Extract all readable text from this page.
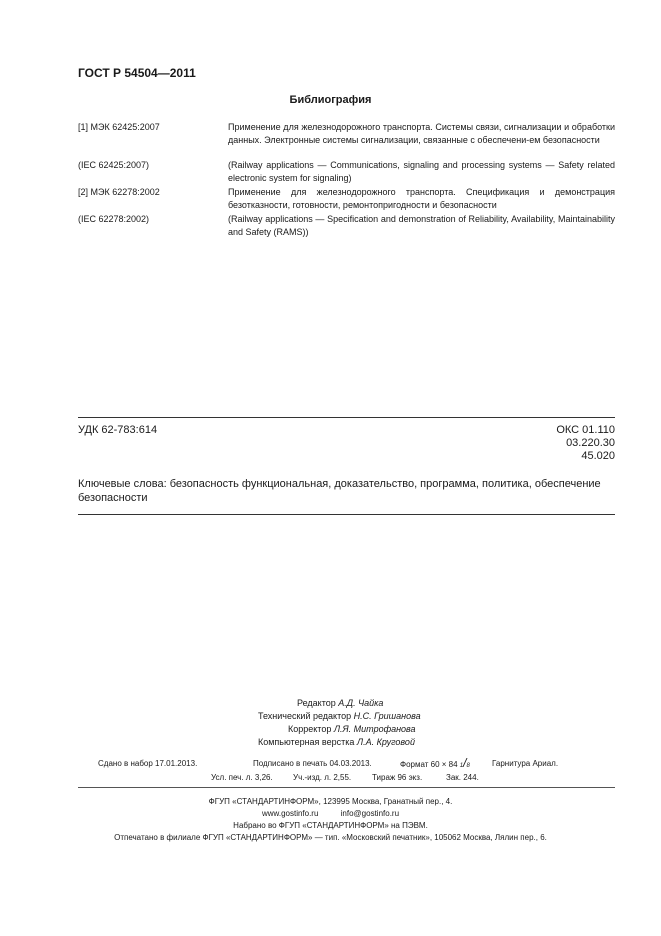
ГОСТ Р 54504—2011
Библиография
[1] МЭК 62425:2007	Применение для железнодорожного транспорта. Системы связи, сигнализации и обработки данных. Электронные системы сигнализации, связанные с обеспечени-ем безопасности
(IEC 62425:2007)	(Railway applications — Communications, signaling and processing systems — Safety related electronic system for signaling)
[2] МЭК 62278:2002	Применение для железнодорожного транспорта. Спецификация и демонстрация безотказности, готовности, ремонтопригодности и безопасности
(IEC 62278:2002)	(Railway applications — Specification and demonstration of Reliability, Availability, Maintainability and Safety (RAMS))
УДК 62-783:614	ОКС 01.110
03.220.30
45.020
Ключевые слова: безопасность функциональная, доказательство, программа, политика, обеспечение безопасности
Редактор А.Д. Чайка
Технический редактор Н.С. Гришанова
Корректор Л.Я. Митрофанова
Компьютерная верстка Л.А. Круговой
Сдано в набор 17.01.2013.	Подписано в печать 04.03.2013.	Формат 60 × 84 1/8	Гарнитура Ариал.
Усл. печ. л. 3,26.	Уч.-изд. л. 2,55.	Тираж 96 экз.	Зак. 244.
ФГУП «СТАНДАРТИНФОРМ», 123995 Москва, Гранатный пер., 4.
www.gostinfo.ru          info@gostinfo.ru
Набрано во ФГУП «СТАНДАРТИНФОРМ» на ПЭВМ.
Отпечатано в филиале ФГУП «СТАНДАРТИНФОРМ» — тип. «Московский печатник», 105062 Москва, Лялин пер., 6.
